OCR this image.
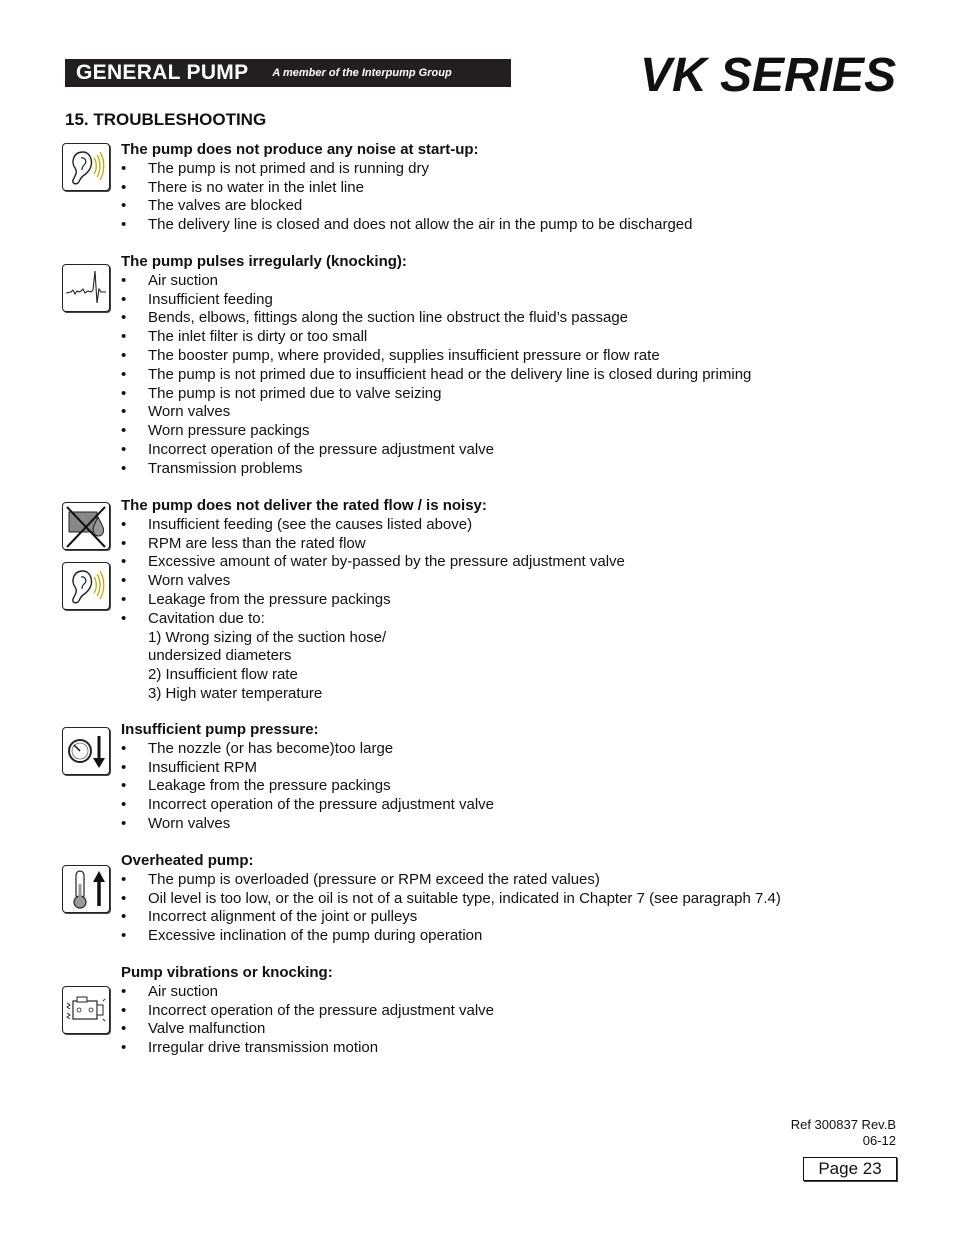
GENERAL PUMP A member of the Interpump Group	VK SERIES
15. TROUBLESHOOTING

The pump does not produce any noise at start-up:

• The pump is not primed and is running dry
• There is no water in the inlet line
• The valves are blocked
• The delivery line is closed and does not allow the air in the pump to be discharged

The pump pulses irregularly (knocking):

• Air suction
• Insufficient feeding
• Bends, elbows, fittings along the suction line obstruct the fluid’s passage
• The inlet filter is dirty or too small
• The booster pump, where provided, supplies insufficient pressure or flow rate
• The pump is not primed due to insufficient head or the delivery line is closed during priming
• The pump is not primed due to valve seizing
• Worn valves
• Worn pressure packings
• Incorrect operation of the pressure adjustment valve
• Transmission problems

The pump does not deliver the rated flow / is noisy:

• Insufficient feeding (see the causes listed above)
• RPM are less than the rated flow
• Excessive amount of water by-passed by the pressure adjustment valve
• Worn valves
• Leakage from the pressure packings
• Cavitation due to:
1) Wrong sizing of the suction hose/
undersized diameters
2) Insufficient flow rate
3) High water temperature

Insufficient pump pressure:

• The nozzle (or has become)too large
• Insufficient RPM
• Leakage from the pressure packings
• Incorrect operation of the pressure adjustment valve
• Worn valves

Overheated pump:

• The pump is overloaded (pressure or RPM exceed the rated values)
• Oil level is too low, or the oil is not of a suitable type, indicated in Chapter 7 (see paragraph 7.4)
• Incorrect alignment of the joint or pulleys
• Excessive inclination of the pump during operation

Pump vibrations or knocking:

• Air suction
• Incorrect operation of the pressure adjustment valve
• Valve malfunction
• Irregular drive transmission motion
Ref 300837 Rev.B
06-12
Page 23
